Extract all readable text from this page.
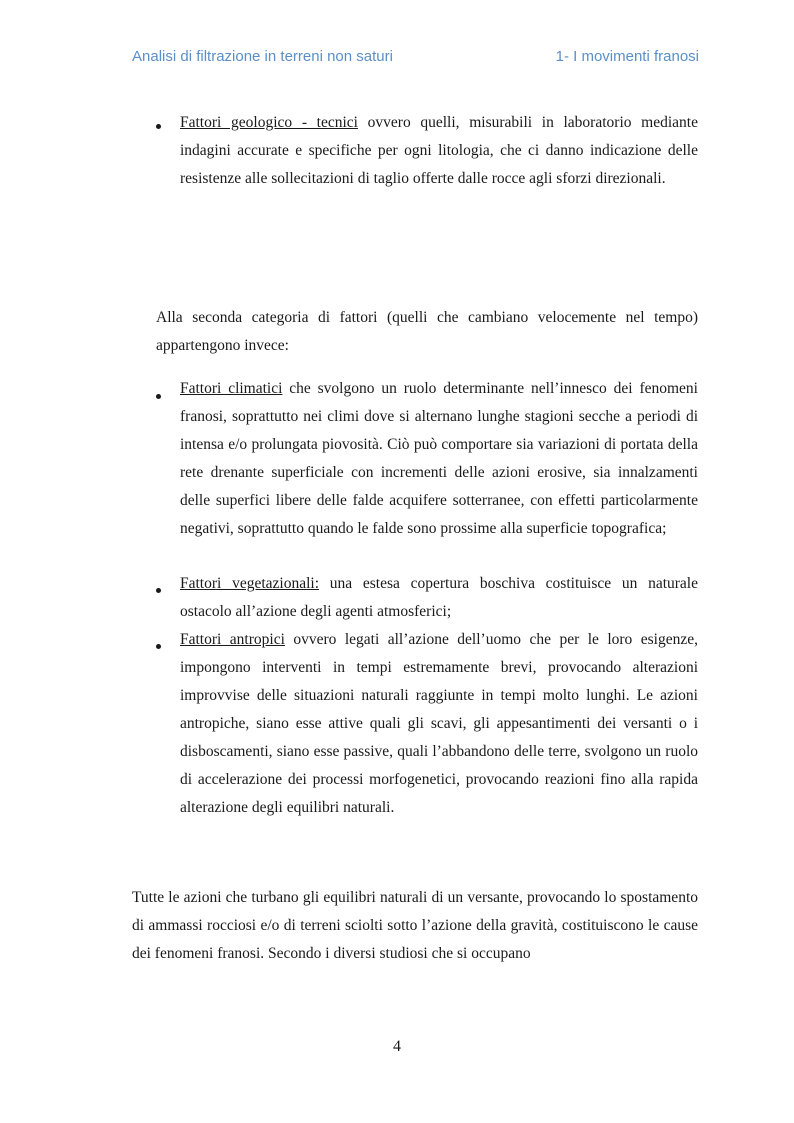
Analisi di filtrazione in terreni non saturi	1- I movimenti franosi
Fattori geologico - tecnici ovvero quelli, misurabili in laboratorio mediante indagini accurate e specifiche per ogni litologia, che ci danno indicazione delle resistenze alle sollecitazioni di taglio offerte dalle rocce agli sforzi direzionali.
Alla seconda categoria di fattori (quelli che cambiano velocemente nel tempo) appartengono invece:
Fattori climatici che svolgono un ruolo determinante nell’innesco dei fenomeni franosi, soprattutto nei climi dove si alternano lunghe stagioni secche a periodi di intensa e/o prolungata piovosità. Ciò può comportare sia variazioni di portata della rete drenante superficiale con incrementi delle azioni erosive, sia innalzamenti delle superfici libere delle falde acquifere sotterranee, con effetti particolarmente negativi, soprattutto quando le falde sono prossime alla superficie topografica;
Fattori vegetazionali: una estesa copertura boschiva costituisce un naturale ostacolo all’azione degli agenti atmosferici;
Fattori antropici ovvero legati all’azione dell’uomo che per le loro esigenze, impongono interventi in tempi estremamente brevi, provocando alterazioni improvvise delle situazioni naturali raggiunte in tempi molto lunghi. Le azioni antropiche, siano esse attive quali gli scavi, gli appesantimenti dei versanti o i disboscamenti, siano esse passive, quali l’abbandono delle terre, svolgono un ruolo di accelerazione dei processi morfogenetici, provocando reazioni fino alla rapida alterazione degli equilibri naturali.
Tutte le azioni che turbano gli equilibri naturali di un versante, provocando lo spostamento di ammassi rocciosi e/o di terreni sciolti sotto l’azione della gravità, costituiscono le cause dei fenomeni franosi. Secondo i diversi studiosi che si occupano
4
